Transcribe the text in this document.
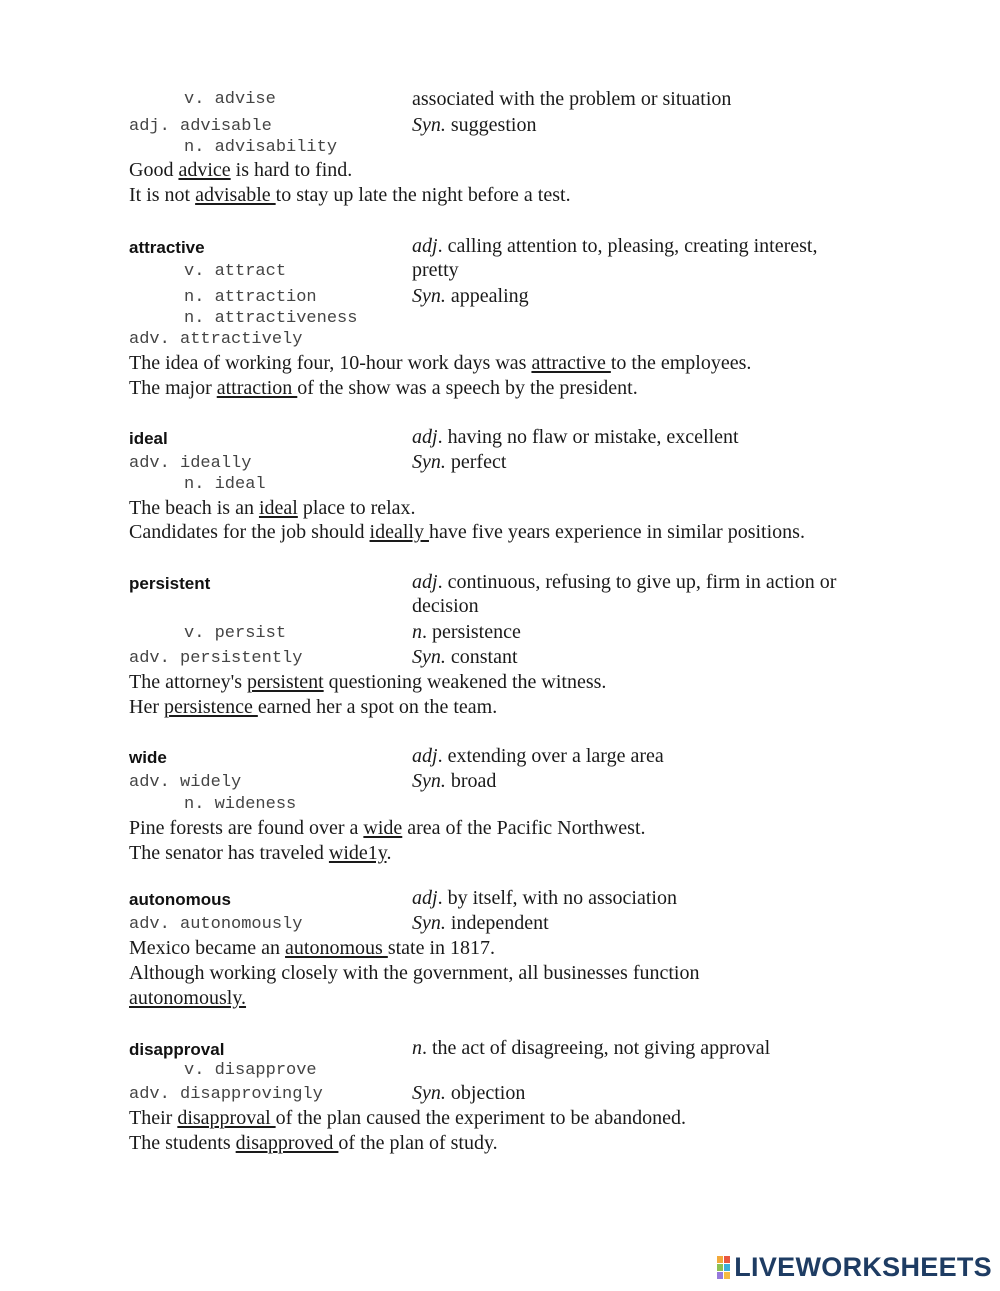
v. advise	associated with the problem or situation
adj. advisable	Syn. suggestion
n. advisability
Good advice is hard to find.
It is not advisable to stay up late the night before a test.
attractive	adj. calling attention to, pleasing, creating interest,
v. attract	pretty
n. attraction	Syn. appealing
n. attractiveness
adv. attractively
The idea of working four, 10-hour work days was attractive to the employees.
The major attraction of the show was a speech by the president.
ideal	adj. having no flaw or mistake, excellent
adv. ideally	Syn. perfect
n. ideal
The beach is an ideal place to relax.
Candidates for the job should ideally have five years experience in similar positions.
persistent	adj. continuous, refusing to give up, firm in action or
decision
v. persist	n. persistence
adv. persistently	Syn. constant
The attorney's persistent questioning weakened the witness.
Her persistence earned her a spot on the team.
wide	adj. extending over a large area
adv. widely	Syn. broad
n. wideness
Pine forests are found over a wide area of the Pacific Northwest.
The senator has traveled wide1y.
autonomous	adj. by itself, with no association
adv. autonomously	Syn. independent
Mexico became an autonomous state in 1817.
Although working closely with the government, all businesses function
autonomously.
disapproval	n. the act of disagreeing, not giving approval
v. disapprove
adv. disapprovingly	Syn. objection
Their disapproval of the plan caused the experiment to be abandoned.
The students disapproved of the plan of study.
LIVEWORKSHEETS
